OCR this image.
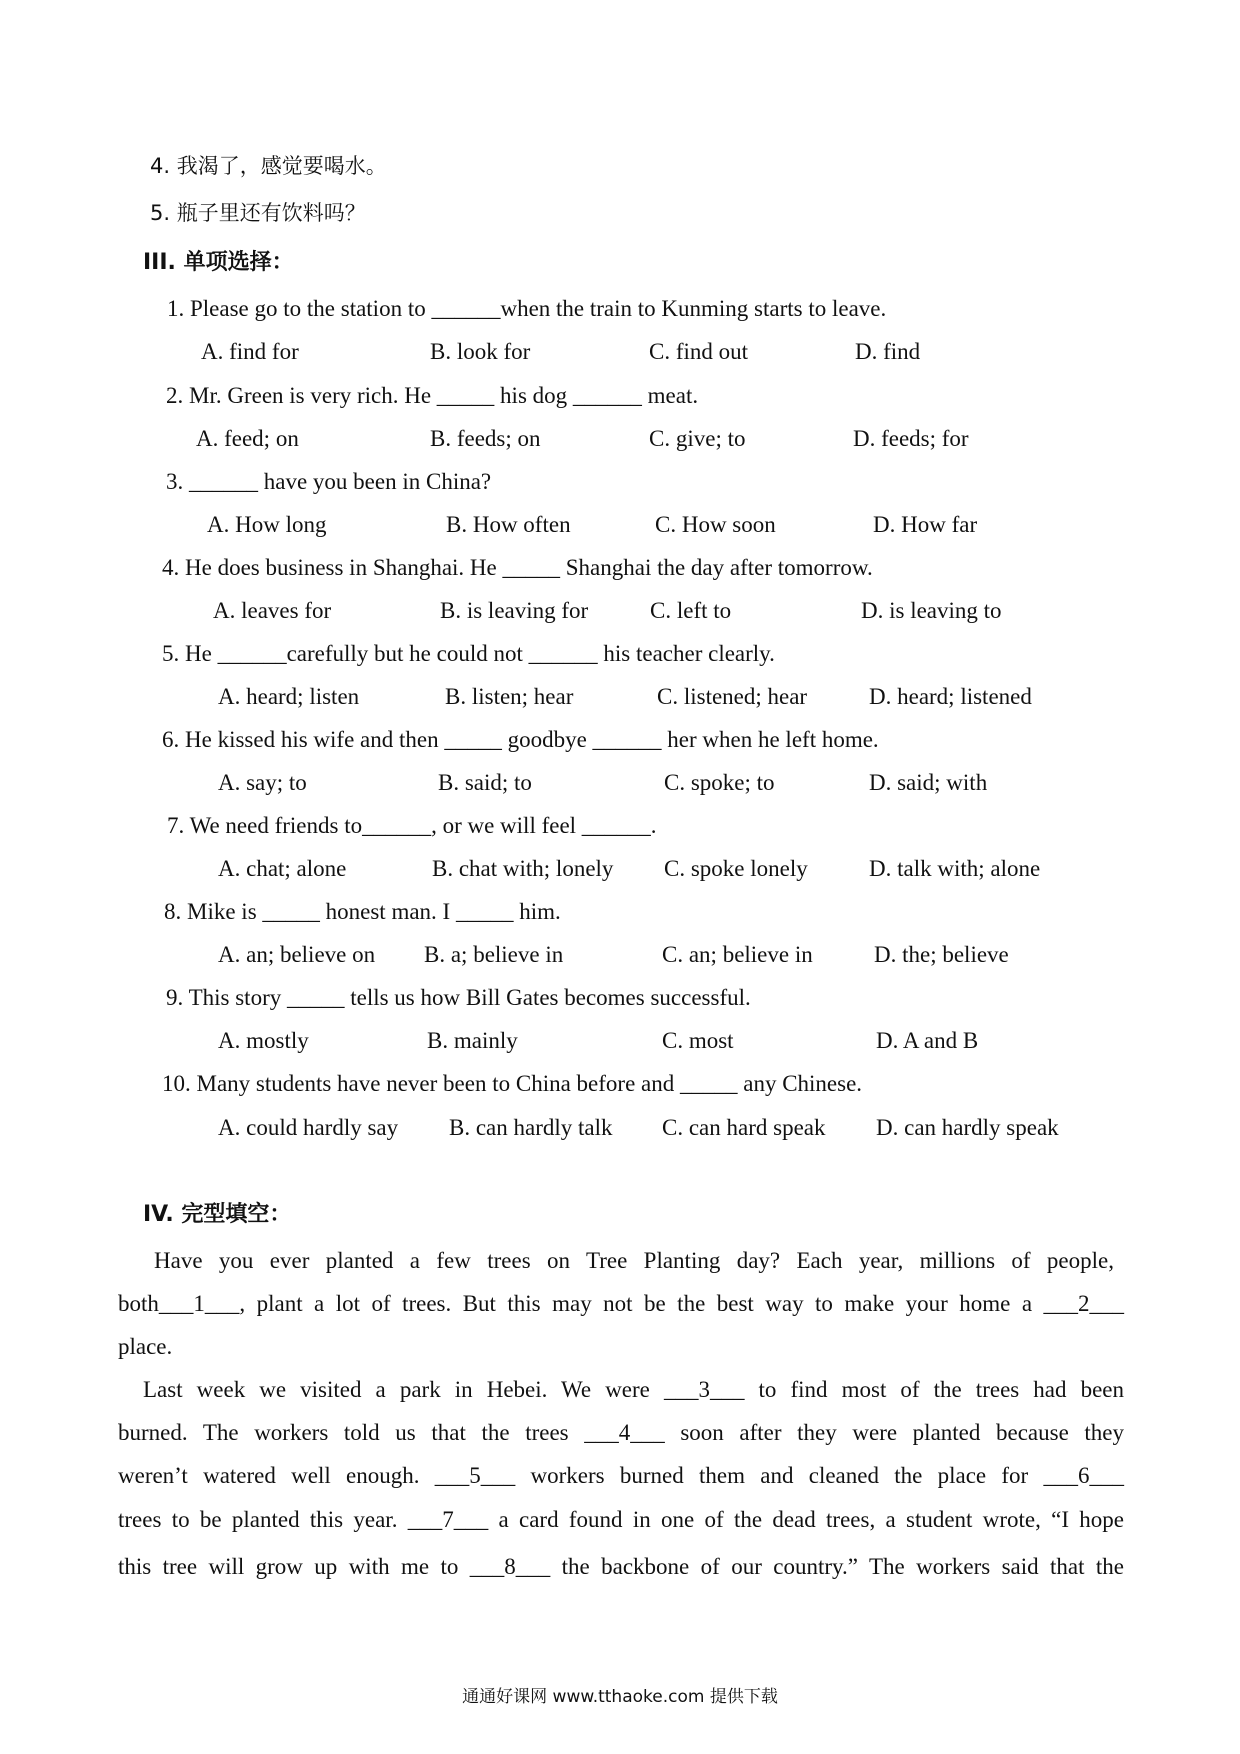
4. 我渴了，感觉要喝水。
5. 瓶子里还有饮料吗？
III. 单项选择：
1. Please go to the station to ______when the train to Kunming starts to leave.
A. find for	B. look for	C. find out	D. find
2. Mr. Green is very rich. He _____ his dog ______ meat.
A. feed; on	B. feeds; on	C. give; to	D. feeds; for
3. ______ have you been in China?
A. How long	B. How often	C. How soon	D. How far
4. He does business in Shanghai. He _____ Shanghai the day after tomorrow.
A. leaves for	B. is leaving for	C. left to	D. is leaving to
5. He ______carefully but he could not ______ his teacher clearly.
A. heard; listen	B. listen; hear	C. listened; hear	D. heard; listened
6. He kissed his wife and then _____ goodbye ______ her when he left home.
A. say; to	B. said; to	C. spoke; to	D. said; with
7. We need friends to______, or we will feel ______.
A. chat; alone	B. chat with; lonely C. spoke lonely	D. talk with; alone
8. Mike is _____ honest man. I _____ him.
A. an; believe on B. a; believe in	C. an; believe in	D. the; believe
9. This story _____ tells us how Bill Gates becomes successful.
A. mostly	B. mainly	C. most	D. A and B
10. Many students have never been to China before and _____ any Chinese.
A. could hardly say B. can hardly talk C. can hard speak D. can hardly speak
IV. 完型填空：
Have you ever planted a few trees on Tree Planting day? Each year, millions of people,
both___1___, plant a lot of trees. But this may not be the best way to make your home a ___2___
place.
Last week we visited a park in Hebei. We were ___3___ to find most of the trees had been
burned. The workers told us that the trees ___4___ soon after they were planted because they
weren’t watered well enough. ___5___ workers burned them and cleaned the place for ___6___
trees to be planted this year. ___7___ a card found in one of the dead trees, a student wrote, “I hope
this tree will grow up with me to ___8___ the backbone of our country.” The workers said that the
通通好课网 www.tthaoke.com 提供下载
